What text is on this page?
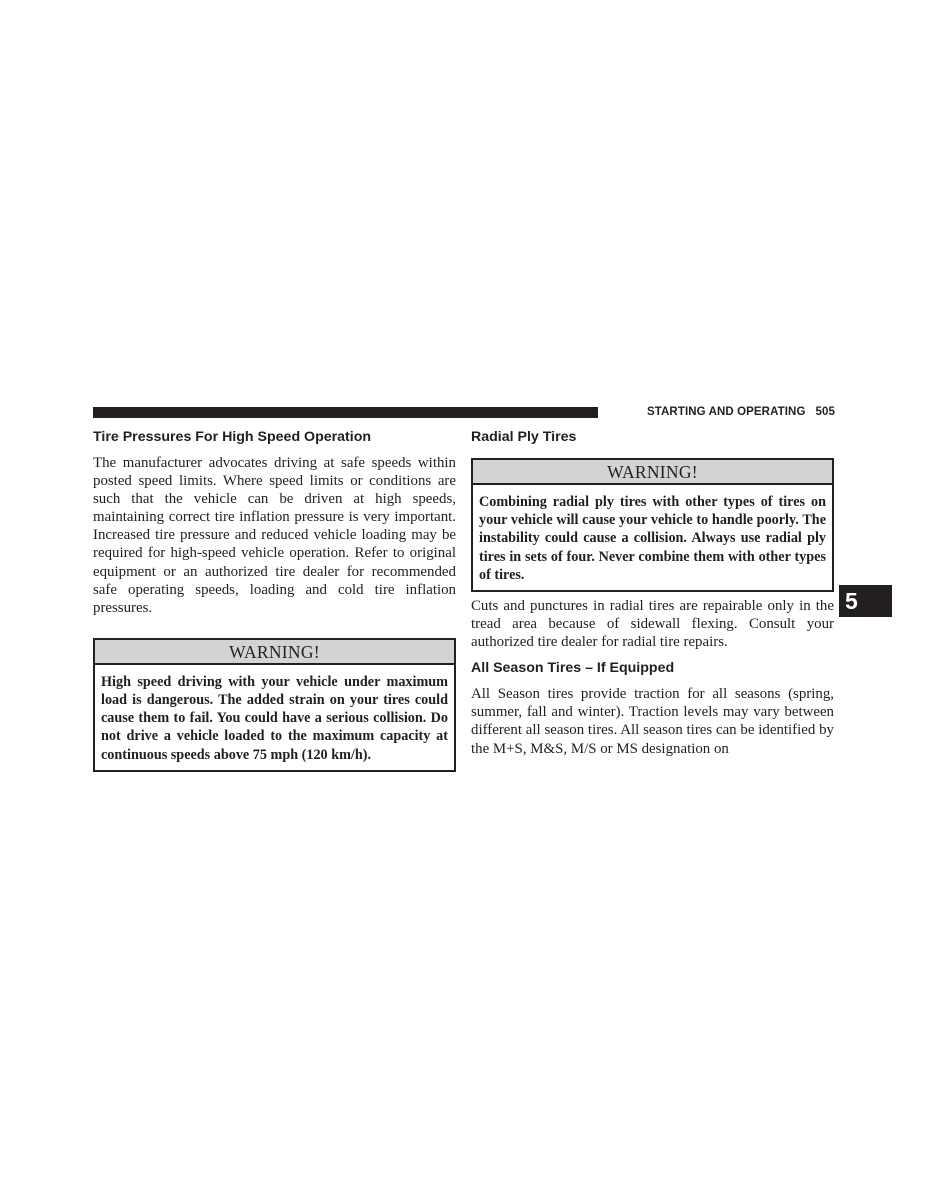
STARTING AND OPERATING 505
Tire Pressures For High Speed Operation

The manufacturer advocates driving at safe speeds within posted speed limits. Where speed limits or conditions are such that the vehicle can be driven at high speeds, maintaining correct tire inflation pressure is very important. Increased tire pressure and reduced vehicle loading may be required for high-speed vehicle operation. Refer to original equipment or an authorized tire dealer for recommended safe operating speeds, loading and cold tire inflation pressures.

WARNING!
High speed driving with your vehicle under maximum load is dangerous. The added strain on your tires could cause them to fail. You could have a serious collision. Do not drive a vehicle loaded to the maximum capacity at continuous speeds above 75 mph (120 km/h).
Radial Ply Tires
WARNING!
Combining radial ply tires with other types of tires on your vehicle will cause your vehicle to handle poorly. The instability could cause a collision. Always use radial ply tires in sets of four. Never combine them with other types of tires.

Cuts and punctures in radial tires are repairable only in the tread area because of sidewall flexing. Consult your authorized tire dealer for radial tire repairs.

All Season Tires – If Equipped

All Season tires provide traction for all seasons (spring, summer, fall and winter). Traction levels may vary between different all season tires. All season tires can be identified by the M+S, M&S, M/S or MS designation on

5
